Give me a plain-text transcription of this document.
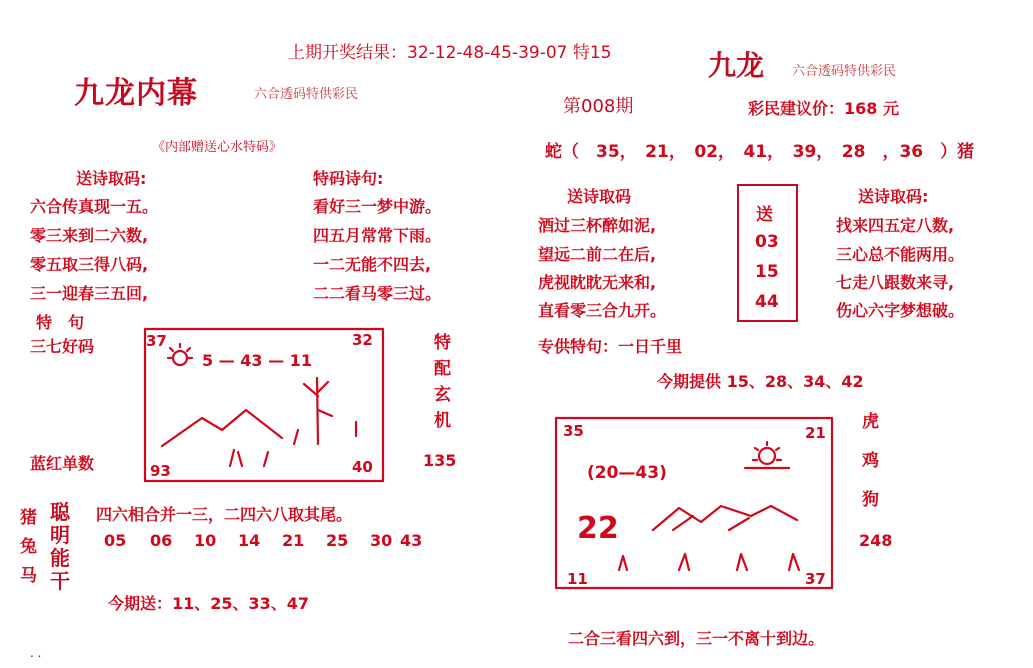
上期开奖结果：32-12-48-45-39-07 特15
九龙内幕	六合透码特供彩民
《内部赠送心水特码》
送诗取码:
六合传真现一五。
零三来到二六数,
零五取三得八码,
三一迎春三五回,
特码诗句:
看好三一梦中游。
四五月常常下雨。
一二无能不四去,
二二看马零三过。
特　句
三七好码
蓝红单数
37	32
93	40
5 — 43 — 11
特
配
玄
机
135
猪
兔
马
聪
明
能
干
四六相合并一三，二四六八取其尾。
05 06 10 14 21 25 30 43
今期送：11、25、33、47
. .
九龙 六合透码特供彩民
第008期	彩民建议价：168 元
蛇（　35，　21，　02，　41，　39，　28　，36　）猪
送诗取码
酒过三杯醉如泥,
望远二前二在后,
虎视眈眈无来和,
直看零三合九开。
送
03
15
44
送诗取码:
找来四五定八数,
三心总不能两用。
七走八跟数来寻,
伤心六字梦想破。
专供特句：一日千里
今期提供 15、28、34、42
35	21
11	37
(20—43)
22
虎
鸡
狗
248
二合三看四六到，三一不离十到边。
